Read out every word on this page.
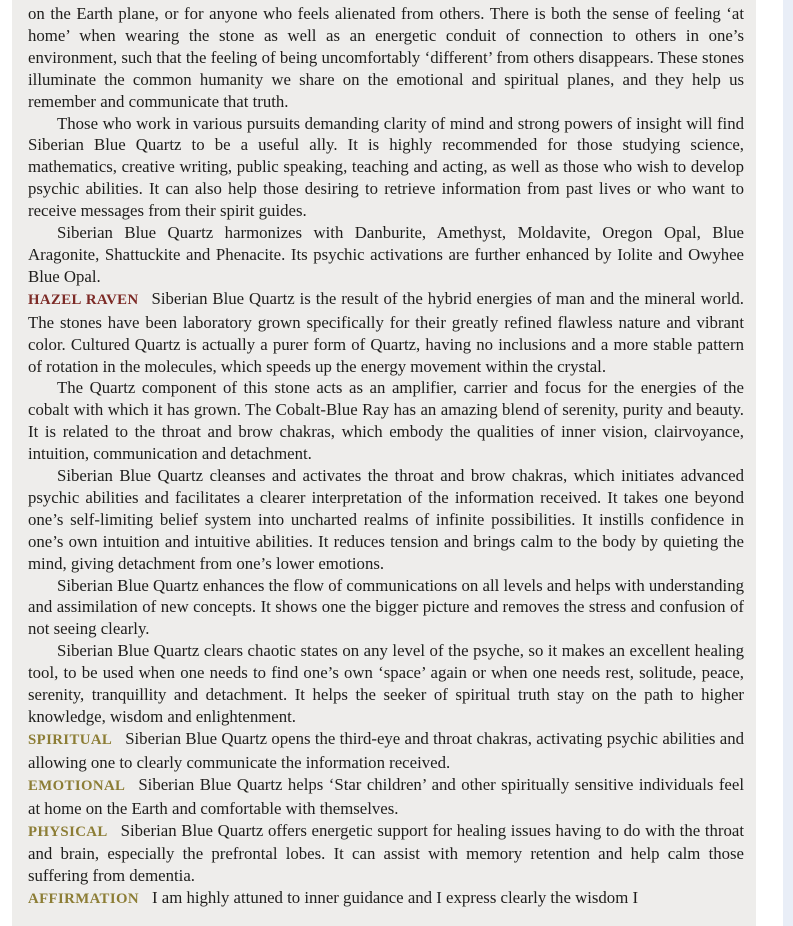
on the Earth plane, or for anyone who feels alienated from others. There is both the sense of feeling ‘at home’ when wearing the stone as well as an energetic conduit of connection to others in one’s environment, such that the feeling of being uncomfortably ‘different’ from others disappears. These stones illuminate the common humanity we share on the emotional and spiritual planes, and they help us remember and communicate that truth.

Those who work in various pursuits demanding clarity of mind and strong powers of insight will find Siberian Blue Quartz to be a useful ally. It is highly recommended for those studying science, mathematics, creative writing, public speaking, teaching and acting, as well as those who wish to develop psychic abilities. It can also help those desiring to retrieve information from past lives or who want to receive messages from their spirit guides.

Siberian Blue Quartz harmonizes with Danburite, Amethyst, Moldavite, Oregon Opal, Blue Aragonite, Shattuckite and Phenacite. Its psychic activations are further enhanced by Iolite and Owyhee Blue Opal.

HAZEL RAVEN Siberian Blue Quartz is the result of the hybrid energies of man and the mineral world. The stones have been laboratory grown specifically for their greatly refined flawless nature and vibrant color. Cultured Quartz is actually a purer form of Quartz, having no inclusions and a more stable pattern of rotation in the molecules, which speeds up the energy movement within the crystal.

The Quartz component of this stone acts as an amplifier, carrier and focus for the energies of the cobalt with which it has grown. The Cobalt-Blue Ray has an amazing blend of serenity, purity and beauty. It is related to the throat and brow chakras, which embody the qualities of inner vision, clairvoyance, intuition, communication and detachment.

Siberian Blue Quartz cleanses and activates the throat and brow chakras, which initiates advanced psychic abilities and facilitates a clearer interpretation of the information received. It takes one beyond one’s self-limiting belief system into uncharted realms of infinite possibilities. It instills confidence in one’s own intuition and intuitive abilities. It reduces tension and brings calm to the body by quieting the mind, giving detachment from one’s lower emotions.

Siberian Blue Quartz enhances the flow of communications on all levels and helps with understanding and assimilation of new concepts. It shows one the bigger picture and removes the stress and confusion of not seeing clearly.

Siberian Blue Quartz clears chaotic states on any level of the psyche, so it makes an excellent healing tool, to be used when one needs to find one’s own ‘space’ again or when one needs rest, solitude, peace, serenity, tranquillity and detachment. It helps the seeker of spiritual truth stay on the path to higher knowledge, wisdom and enlightenment.

SPIRITUAL Siberian Blue Quartz opens the third-eye and throat chakras, activating psychic abilities and allowing one to clearly communicate the information received.

EMOTIONAL Siberian Blue Quartz helps ‘Star children’ and other spiritually sensitive individuals feel at home on the Earth and comfortable with themselves.

PHYSICAL Siberian Blue Quartz offers energetic support for healing issues having to do with the throat and brain, especially the prefrontal lobes. It can assist with memory retention and help calm those suffering from dementia.

AFFIRMATION I am highly attuned to inner guidance and I express clearly the wisdom I
